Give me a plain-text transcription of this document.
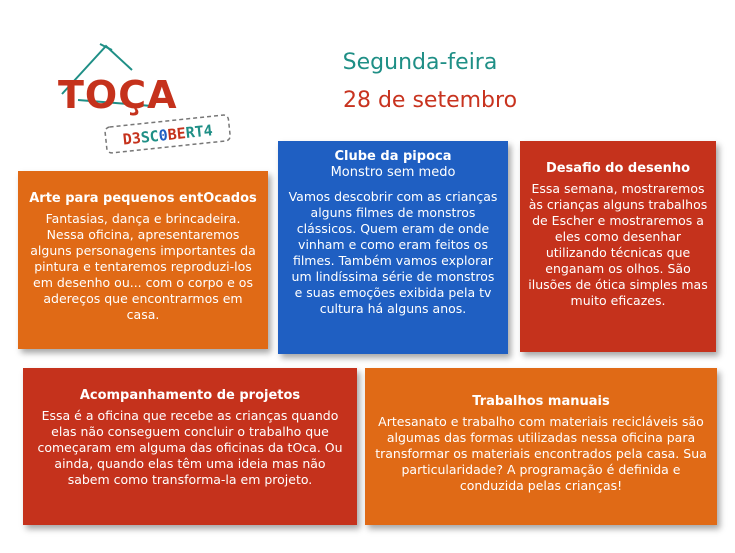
TOÇA
D3SC0BERT4
Segunda-feira
28 de setembro
Arte para pequenos entOcados
Fantasias, dança e brincadeira. Nessa oficina, apresentaremos alguns personagens importantes da pintura e tentaremos reproduzi-los em desenho ou... com o corpo e os adereços que encontrarmos em casa.
Clube da pipoca
Monstro sem medo
Vamos descobrir com as crianças alguns filmes de monstros clássicos. Quem eram de onde vinham e como eram feitos os filmes. Também vamos explorar um lindíssima série de monstros e suas emoções exibida pela tv cultura há alguns anos.
Desafio do desenho
Essa semana, mostraremos às crianças alguns trabalhos de Escher e mostraremos a eles como desenhar utilizando técnicas que enganam os olhos. São ilusões de ótica simples mas muito eficazes.
Acompanhamento de projetos
Essa é a oficina que recebe as crianças quando elas não conseguem concluir o trabalho que começaram em alguma das oficinas da tOca. Ou ainda, quando elas têm uma ideia mas não sabem como transforma-la em projeto.
Trabalhos manuais
Artesanato e trabalho com materiais recicláveis são algumas das formas utilizadas nessa oficina para transformar os materiais encontrados pela casa. Sua particularidade? A programação é definida e conduzida pelas crianças!
